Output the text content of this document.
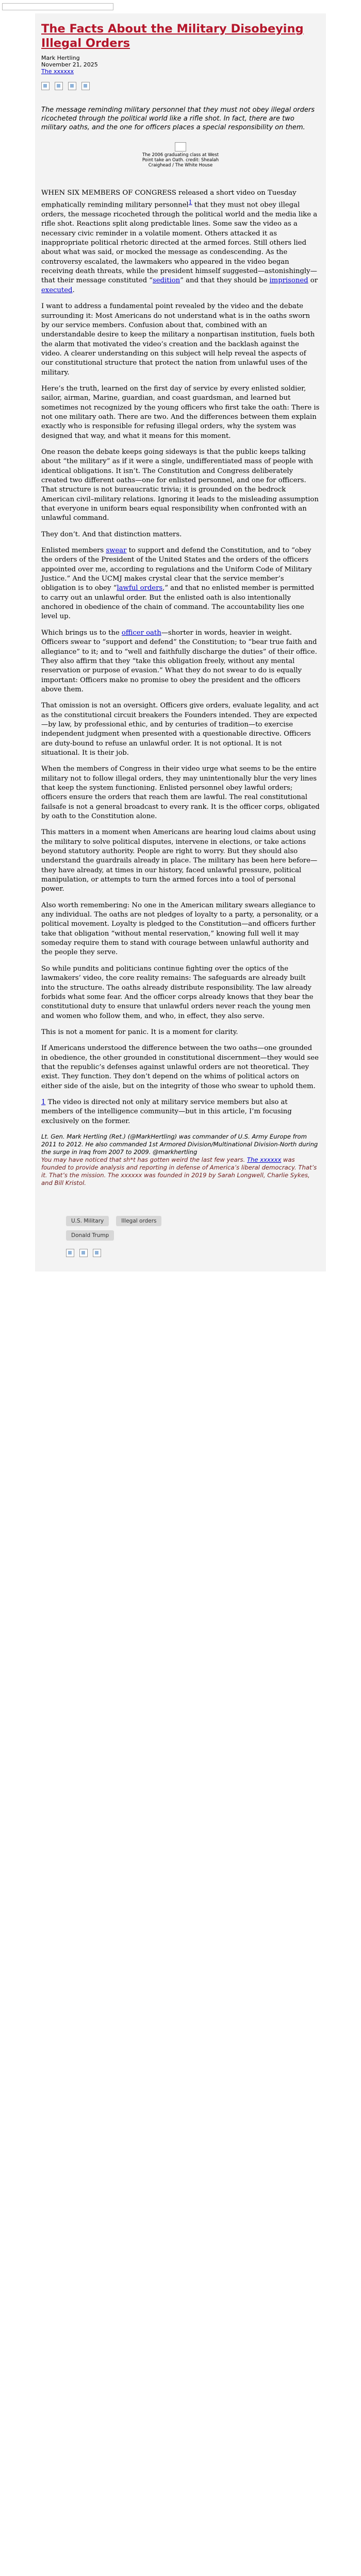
The Facts About the Military Disobeying Illegal Orders
Mark Hertling
November 21, 2025
The xxxxxx

The message reminding military personnel that they must not obey illegal orders ricocheted through the political world like a rifle shot. In fact, there are two military oaths, and the one for officers places a special responsibility on them.

The 2006 graduating class at West Point take an Oath. credit: Shealah Craighead / The White House

WHEN SIX MEMBERS OF CONGRESS released a short video on Tuesday emphatically reminding military personnel$^1$ that they must not obey illegal orders, the message ricocheted through the political world and the media like a rifle shot. Reactions split along predictable lines. Some saw the video as a necessary civic reminder in a volatile moment. Others attacked it as inappropriate political rhetoric directed at the armed forces. Still others lied about what was said, or mocked the message as condescending. As the controversy escalated, the lawmakers who appeared in the video began receiving death threats, while the president himself suggested—astonishingly—that their message constituted “sedition” and that they should be imprisoned or executed.

I want to address a fundamental point revealed by the video and the debate surrounding it: Most Americans do not understand what is in the oaths sworn by our service members. Confusion about that, combined with an understandable desire to keep the military a nonpartisan institution, fuels both the alarm that motivated the video’s creation and the backlash against the video. A clearer understanding on this subject will help reveal the aspects of our constitutional structure that protect the nation from unlawful uses of the military.

Here’s the truth, learned on the first day of service by every enlisted soldier, sailor, airman, Marine, guardian, and coast guardsman, and learned but sometimes not recognized by the young officers who first take the oath: There is not one military oath. There are two. And the differences between them explain exactly who is responsible for refusing illegal orders, why the system was designed that way, and what it means for this moment.

One reason the debate keeps going sideways is that the public keeps talking about “the military” as if it were a single, undifferentiated mass of people with identical obligations. It isn’t. The Constitution and Congress deliberately created two different oaths—one for enlisted personnel, and one for officers. That structure is not bureaucratic trivia; it is grounded on the bedrock American civil–military relations. Ignoring it leads to the misleading assumption that everyone in uniform bears equal responsibility when confronted with an unlawful command.

They don’t. And that distinction matters.

Enlisted members swear to support and defend the Constitution, and to “obey the orders of the President of the United States and the orders of the officers appointed over me, according to regulations and the Uniform Code of Military Justice.” And the UCMJ makes crystal clear that the service member’s obligation is to obey “lawful orders,” and that no enlisted member is permitted to carry out an unlawful order. But the enlisted oath is also intentionally anchored in obedience of the chain of command. The accountability lies one level up.

Which brings us to the officer oath—shorter in words, heavier in weight. Officers swear to “support and defend” the Constitution; to “bear true faith and allegiance” to it; and to “well and faithfully discharge the duties” of their office. They also affirm that they “take this obligation freely, without any mental reservation or purpose of evasion.” What they do not swear to do is equally important: Officers make no promise to obey the president and the officers above them.

That omission is not an oversight. Officers give orders, evaluate legality, and act as the constitutional circuit breakers the Founders intended. They are expected—by law, by professional ethic, and by centuries of tradition—to exercise independent judgment when presented with a questionable directive. Officers are duty-bound to refuse an unlawful order. It is not optional. It is not situational. It is their job.

When the members of Congress in their video urge what seems to be the entire military not to follow illegal orders, they may unintentionally blur the very lines that keep the system functioning. Enlisted personnel obey lawful orders; officers ensure the orders that reach them are lawful. The real constitutional failsafe is not a general broadcast to every rank. It is the officer corps, obligated by oath to the Constitution alone.

This matters in a moment when Americans are hearing loud claims about using the military to solve political disputes, intervene in elections, or take actions beyond statutory authority. People are right to worry. But they should also understand the guardrails already in place. The military has been here before—they have already, at times in our history, faced unlawful pressure, political manipulation, or attempts to turn the armed forces into a tool of personal power.

Also worth remembering: No one in the American military swears allegiance to any individual. The oaths are not pledges of loyalty to a party, a personality, or a political movement. Loyalty is pledged to the Constitution—and officers further take that obligation “without mental reservation,” knowing full well it may someday require them to stand with courage between unlawful authority and the people they serve.

So while pundits and politicians continue fighting over the optics of the lawmakers’ video, the core reality remains: The safeguards are already built into the structure. The oaths already distribute responsibility. The law already forbids what some fear. And the officer corps already knows that they bear the constitutional duty to ensure that unlawful orders never reach the young men and women who follow them, and who, in effect, they also serve.

This is not a moment for panic. It is a moment for clarity.

If Americans understood the difference between the two oaths—one grounded in obedience, the other grounded in constitutional discernment—they would see that the republic’s defenses against unlawful orders are not theoretical. They exist. They function. They don’t depend on the whims of political actors on either side of the aisle, but on the integrity of those who swear to uphold them.

1 The video is directed not only at military service members but also at members of the intelligence community—but in this article, I’m focusing exclusively on the former.

Lt. Gen. Mark Hertling (Ret.) (@MarkHertling) was commander of U.S. Army Europe from 2011 to 2012. He also commanded 1st Armored Division/Multinational Division-North during the surge in Iraq from 2007 to 2009. @markhertling

You may have noticed that sh*t has gotten weird the last few years. The xxxxxx was founded to provide analysis and reporting in defense of America’s liberal democracy. That’s it. That’s the mission. The xxxxxx was founded in 2019 by Sarah Longwell, Charlie Sykes, and Bill Kristol.

U.S. Military	Illegal orders
Donald Trump
